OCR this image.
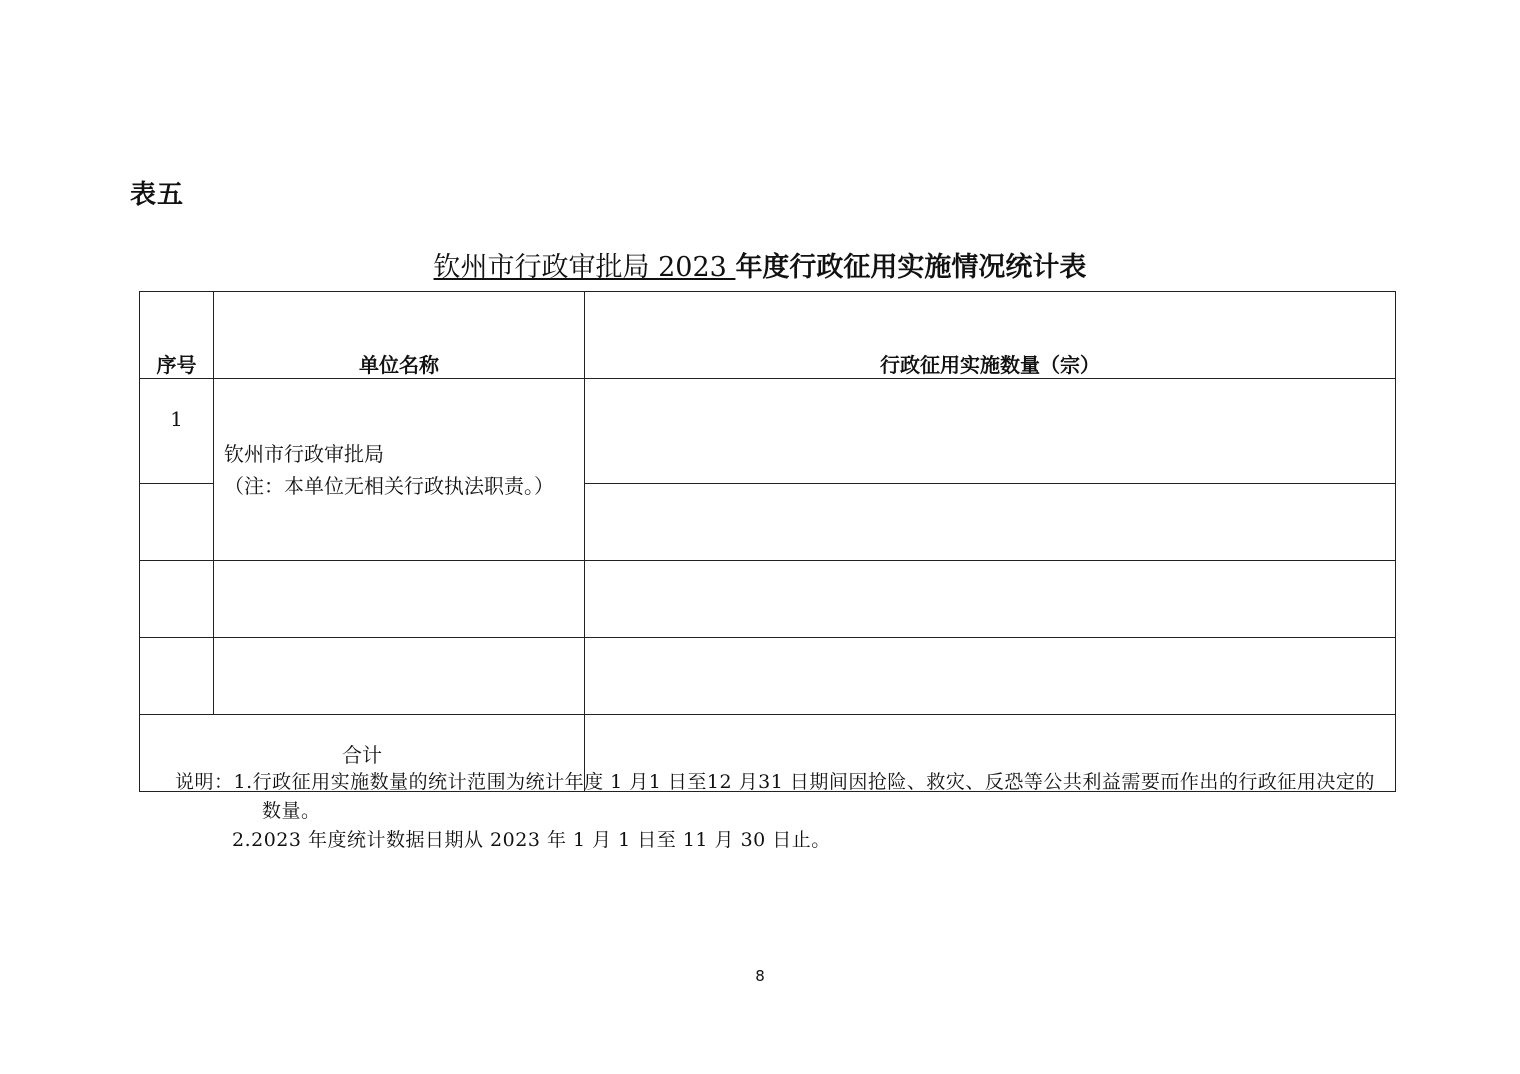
表五
钦州市行政审批局 2023 年度行政征用实施情况统计表
序号	单位名称	行政征用实施数量（宗）
1	钦州市行政审批局
（注：本单位无相关行政执法职责。）	

合计		

说明：1.行政征用实施数量的统计范围为统计年度 1 月1 日至12 月31 日期间因抢险、救灾、反恐等公共利益需要而作出的行政征用决定的

数量。

2.2023 年度统计数据日期从 2023 年 1 月 1 日至 11 月 30 日止。

8
